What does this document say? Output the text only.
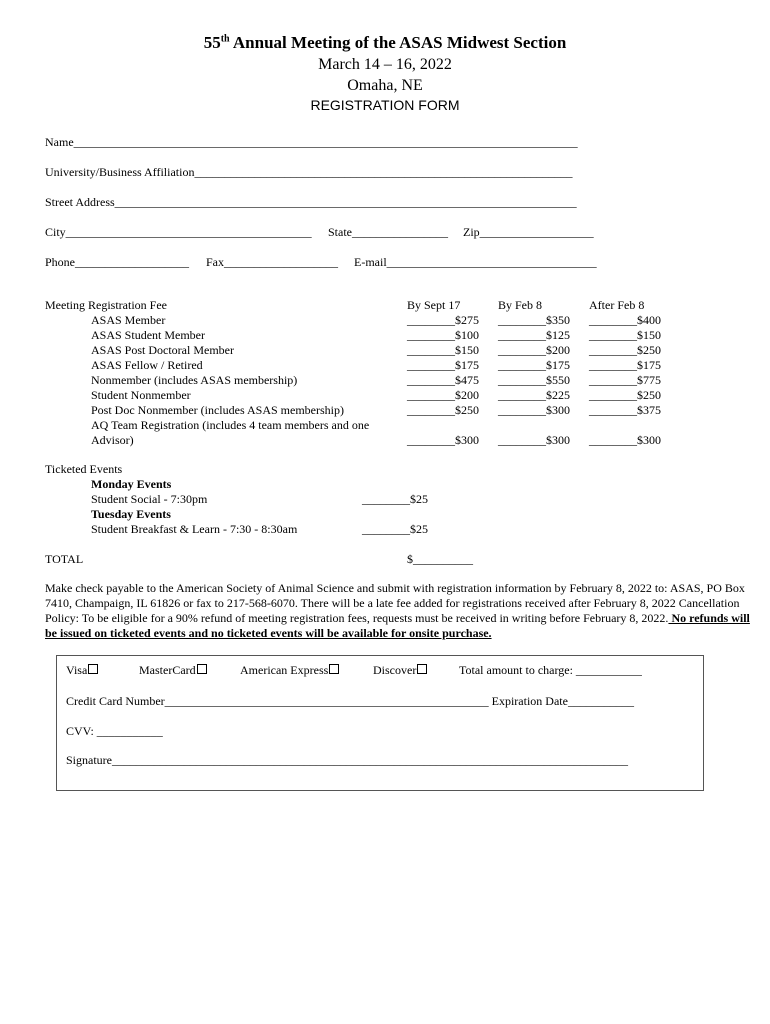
55th Annual Meeting of the ASAS Midwest Section
March 14 – 16, 2022
Omaha, NE
REGISTRATION FORM
Name____________________________________________________________________________________
University/Business Affiliation_______________________________________________________________
Street Address_____________________________________________________________________________
City_________________________________________ State________________ Zip___________________
Phone___________________ Fax___________________ E-mail___________________________________
Meeting Registration Fee	By Sept 17	By Feb 8	After Feb 8
ASAS Member	________$275 ________$350 ________$400
ASAS Student Member	________$100 ________$125 ________$150
ASAS Post Doctoral Member	________$150 ________$200 ________$250
ASAS Fellow / Retired	________$175 ________$175 ________$175
Nonmember (includes ASAS membership)	________$475 ________$550 ________$775
Student Nonmember	________$200 ________$225 ________$250
Post Doc Nonmember (includes ASAS membership)	________$250 ________$300 ________$375
AQ Team Registration (includes 4 team members and one
Advisor)	________$300 ________$300 ________$300
Ticketed Events
Monday Events
Student Social - 7:30pm	________$25
Tuesday Events
Student Breakfast & Learn - 7:30 - 8:30am	________$25
TOTAL	$__________
Make check payable to the American Society of Animal Science and submit with registration information by February 8, 2022 to: ASAS, PO Box 7410, Champaign, IL 61826 or fax to 217-568-6070. There will be a late fee added for registrations received after February 8, 2022 Cancellation Policy: To be eligible for a 90% refund of meeting registration fees, requests must be received in writing before February 8, 2022. No refunds will be issued on ticketed events and no ticketed events will be available for onsite purchase.
Visa	MasterCard	American Express	Discover	Total amount to charge: ___________
Credit Card Number______________________________________________________ Expiration Date___________
CVV: ___________
Signature______________________________________________________________________________________
